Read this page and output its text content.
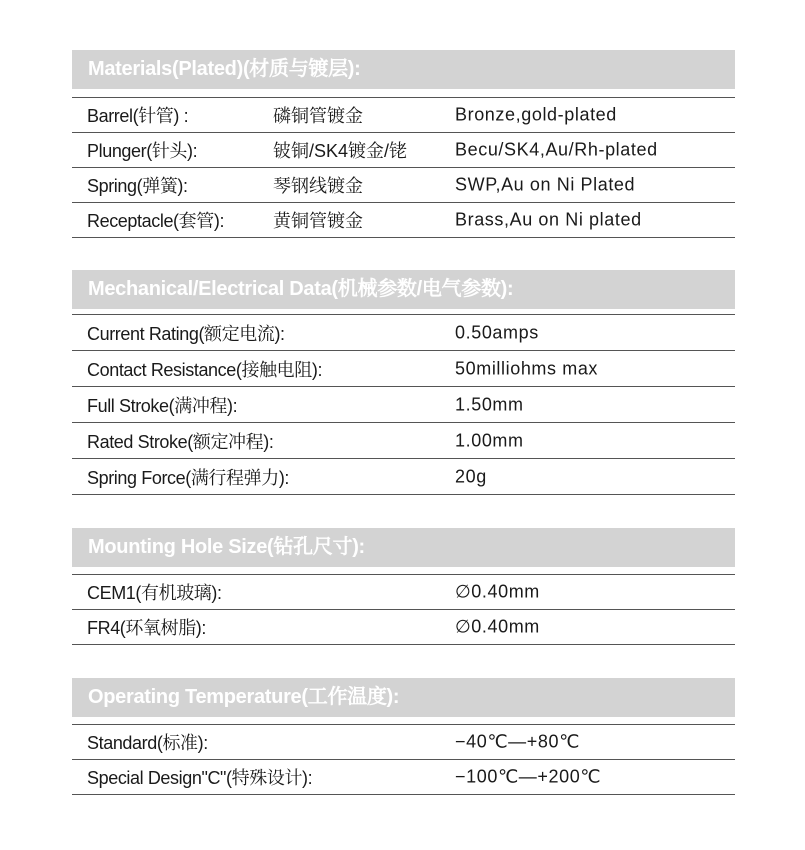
Materials(Plated)(材质与镀层):
Barrel(针管) :	磷铜管镀金	Bronze,gold-plated
Plunger(针头):	铍铜/SK4镀金/铑	Becu/SK4,Au/Rh-plated
Spring(弹簧):	琴钢线镀金	SWP,Au on Ni Plated
Receptacle(套管):	黄铜管镀金	Brass,Au on Ni plated
Mechanical/Electrical Data(机械参数/电气参数):
Current Rating(额定电流):	0.50amps
Contact Resistance(接触电阻):	50milliohms max
Full Stroke(满冲程):	1.50mm
Rated Stroke(额定冲程):	1.00mm
Spring Force(满行程弹力):	20g
Mounting Hole Size(钻孔尺寸):
CEM1(有机玻璃):	∅0.40mm
FR4(环氧树脂):	∅0.40mm
Operating Temperature(工作温度):
Standard(标准):	−40℃—+80℃
Special Design"C"(特殊设计):	−100℃—+200℃
